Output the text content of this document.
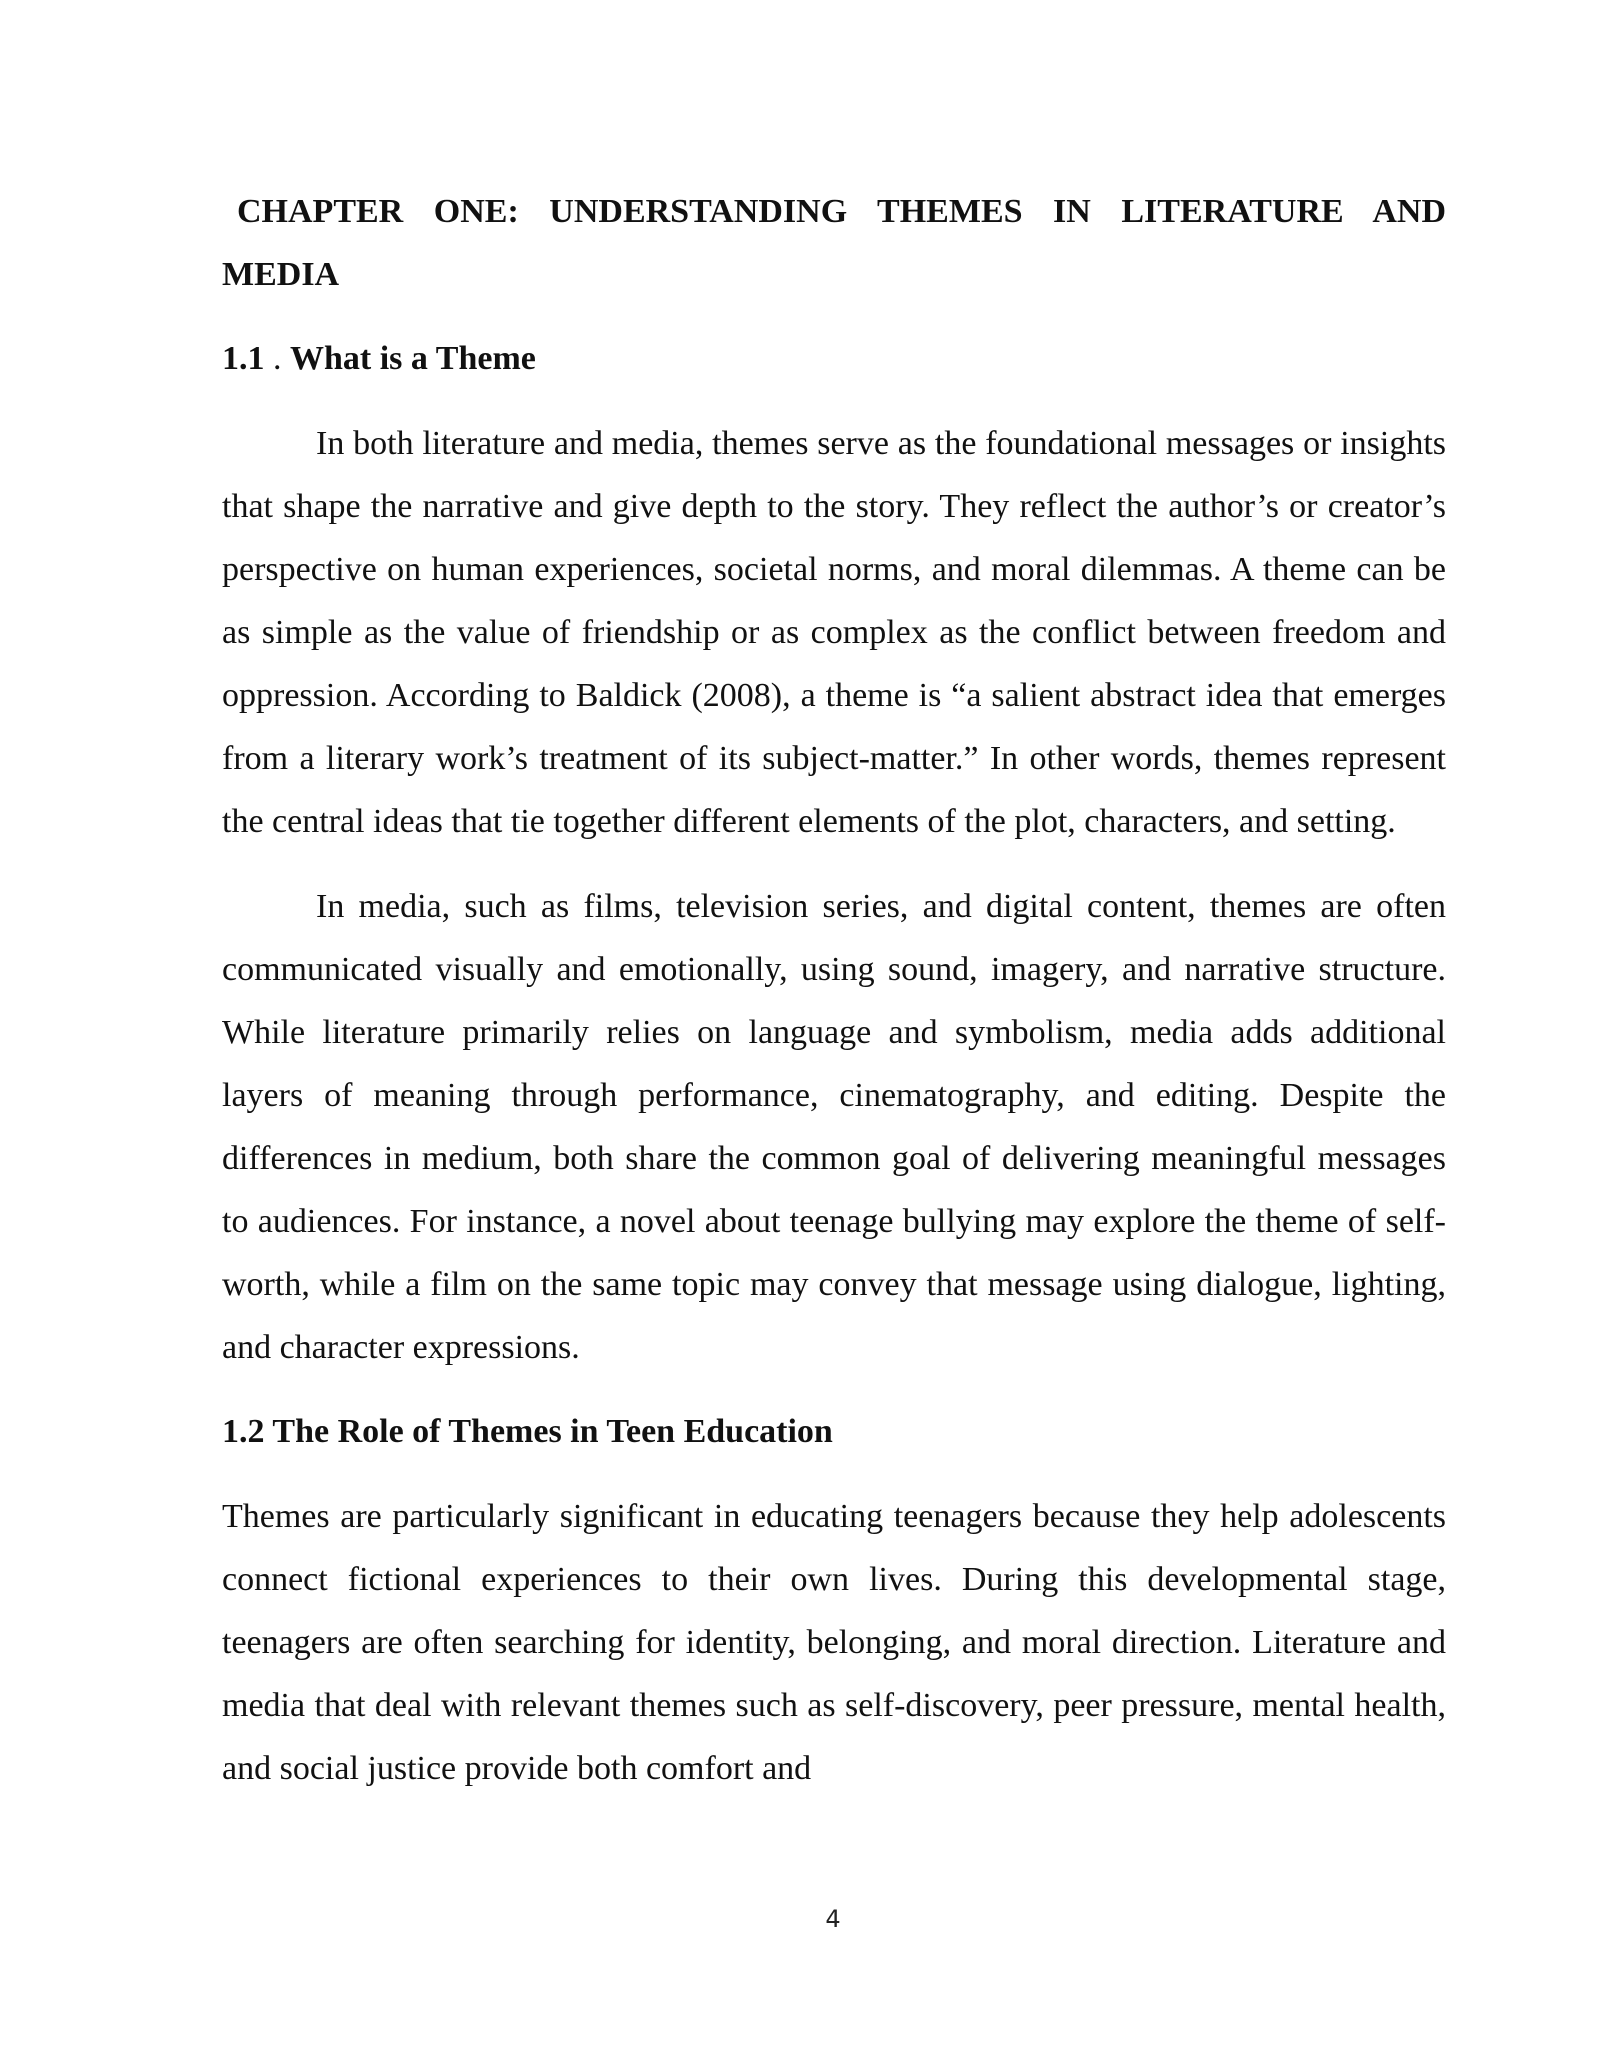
CHAPTER ONE: UNDERSTANDING THEMES IN LITERATURE AND MEDIA
1.1 . What is a Theme

In both literature and media, themes serve as the foundational messages or insights that shape the narrative and give depth to the story. They reflect the author’s or creator’s perspective on human experiences, societal norms, and moral dilemmas. A theme can be as simple as the value of friendship or as complex as the conflict between freedom and oppression. According to Baldick (2008), a theme is “a salient abstract idea that emerges from a literary work’s treatment of its subject-matter.” In other words, themes represent the central ideas that tie together different elements of the plot, characters, and setting.

In media, such as films, television series, and digital content, themes are often communicated visually and emotionally, using sound, imagery, and narrative structure. While literature primarily relies on language and symbolism, media adds additional layers of meaning through performance, cinematography, and editing. Despite the differences in medium, both share the common goal of delivering meaningful messages to audiences. For instance, a novel about teenage bullying may explore the theme of self-worth, while a film on the same topic may convey that message using dialogue, lighting, and character expressions.

1.2 The Role of Themes in Teen Education

Themes are particularly significant in educating teenagers because they help adolescents connect fictional experiences to their own lives. During this developmental stage, teenagers are often searching for identity, belonging, and moral direction. Literature and media that deal with relevant themes such as self-discovery, peer pressure, mental health, and social justice provide both comfort and

4
